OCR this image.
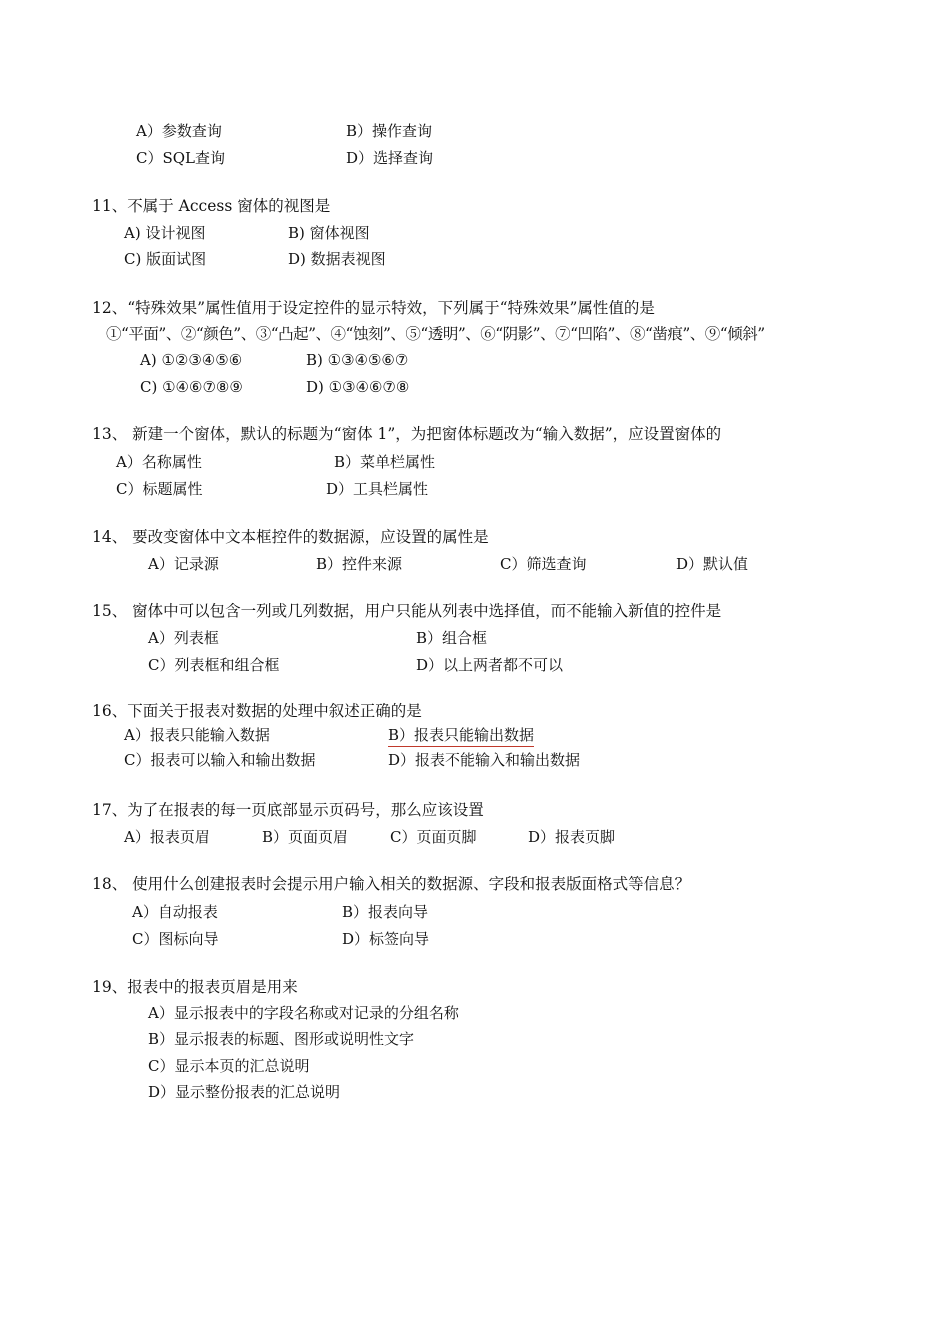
A）参数查询	B）操作查询
C）SQL查询	D）选择查询
11、不属于 Access 窗体的视图是
A) 设计视图	B) 窗体视图
C) 版面试图	D) 数据表视图
12、“特殊效果”属性值用于设定控件的显示特效，下列属于“特殊效果”属性值的是
①“平面”、②“颜色”、③“凸起”、④“蚀刻”、⑤“透明”、⑥“阴影”、⑦“凹陷”、⑧“凿痕”、⑨“倾斜”
A) ①②③④⑤⑥	B) ①③④⑤⑥⑦
C) ①④⑥⑦⑧⑨	D) ①③④⑥⑦⑧
13、 新建一个窗体，默认的标题为“窗体 1”，为把窗体标题改为“输入数据”，应设置窗体的
A）名称属性	B）菜单栏属性
C）标题属性	D）工具栏属性
14、 要改变窗体中文本框控件的数据源，应设置的属性是
A）记录源	B）控件来源	C）筛选查询	D）默认值
15、 窗体中可以包含一列或几列数据，用户只能从列表中选择值，而不能输入新值的控件是
A）列表框	B）组合框
C）列表框和组合框	D）以上两者都不可以
16、下面关于报表对数据的处理中叙述正确的是
A）报表只能输入数据	B）报表只能输出数据
C）报表可以输入和输出数据	D）报表不能输入和输出数据
17、为了在报表的每一页底部显示页码号，那么应该设置
A）报表页眉	B）页面页眉	C）页面页脚	D）报表页脚
18、 使用什么创建报表时会提示用户输入相关的数据源、字段和报表版面格式等信息？
A）自动报表	B）报表向导
C）图标向导	D）标签向导
19、报表中的报表页眉是用来
A）显示报表中的字段名称或对记录的分组名称
B）显示报表的标题、图形或说明性文字
C）显示本页的汇总说明
D）显示整份报表的汇总说明
